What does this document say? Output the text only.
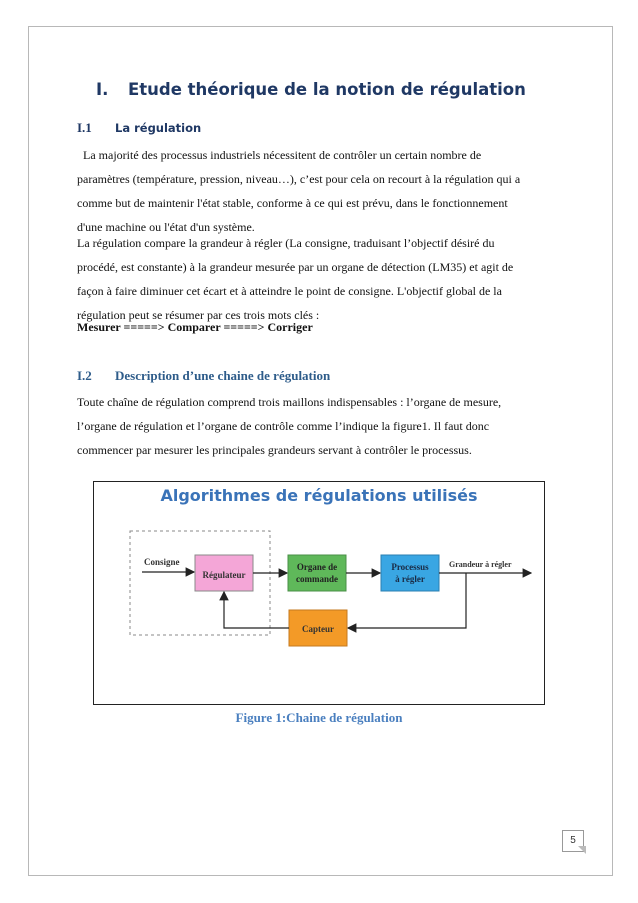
I. Etude théorique de la notion de régulation
I.1 La régulation
La majorité des processus industriels nécessitent de contrôler un certain nombre de
paramètres (température, pression, niveau…), c’est pour cela on recourt à la régulation qui a
comme but de maintenir l'état stable, conforme à ce qui est prévu, dans le fonctionnement
d'une machine ou l'état d'un système.
La régulation compare la grandeur à régler (La consigne, traduisant l’objectif désiré du
procédé, est constante) à la grandeur mesurée par un organe de détection (LM35) et agit de
façon à faire diminuer cet écart et à atteindre le point de consigne. L'objectif global de la
régulation peut se résumer par ces trois mots clés :
Mesurer =====> Comparer =====> Corriger
I.2 Description d’une chaine de régulation
Toute chaîne de régulation comprend trois maillons indispensables : l’organe de mesure,
l’organe de régulation et l’organe de contrôle comme l’indique la figure1. Il faut donc
commencer par mesurer les principales grandeurs servant à contrôler le processus.
Algorithmes de régulations utilisés
Consigne
Régulateur
Organe de
commande
Processus
à régler
Grandeur à régler
Capteur
Figure 1:Chaine de régulation
5
